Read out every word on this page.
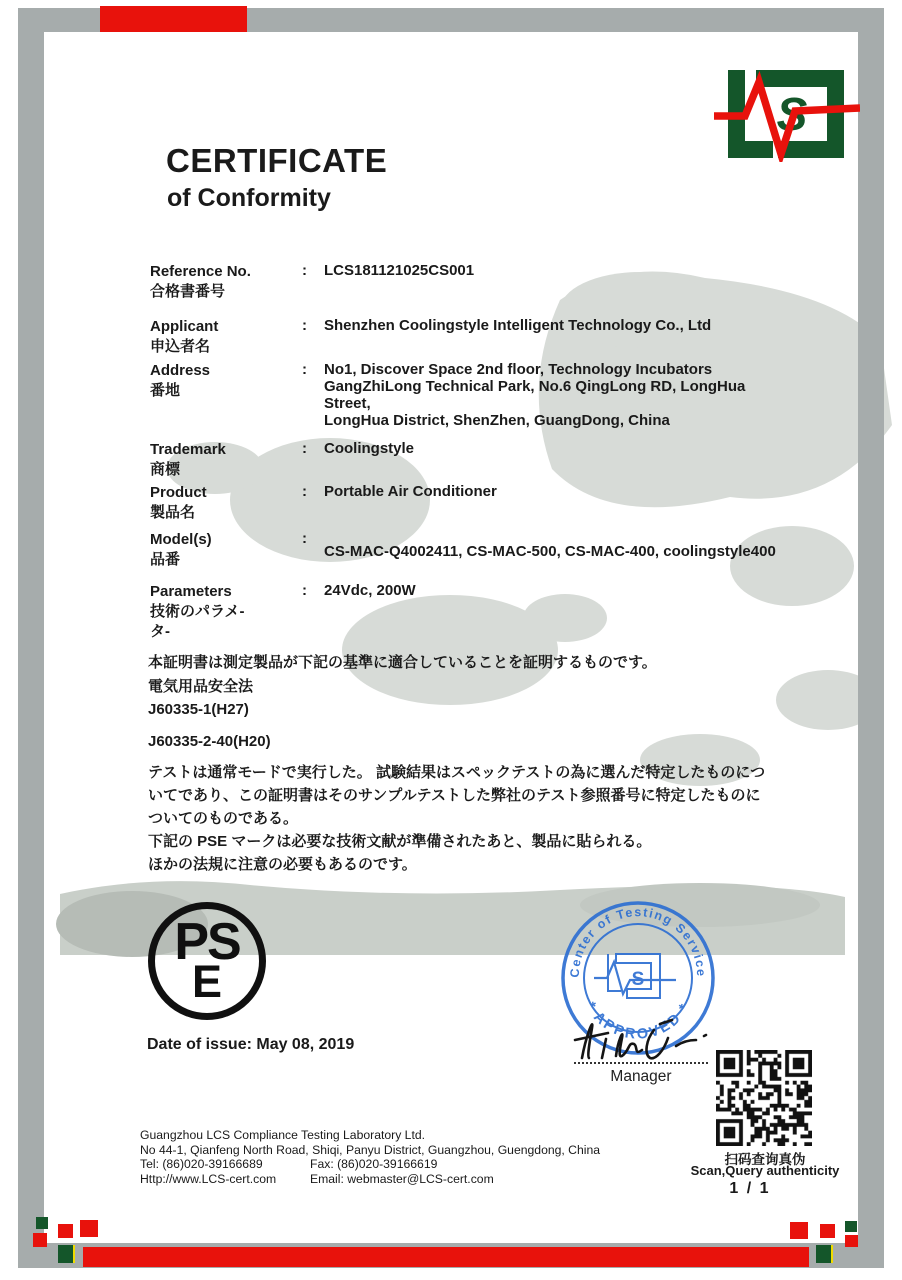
S
CERTIFICATE
of Conformity
Reference No.
合格書番号
:	LCS181121025CS001
Applicant
申込者名
:	Shenzhen Coolingstyle Intelligent Technology Co., Ltd
Address
番地
:	No1, Discover Space 2nd floor, Technology Incubators
GangZhiLong Technical Park, No.6 QingLong RD, LongHua Street,
LongHua District, ShenZhen, GuangDong, China
Trademark
商標
:	Coolingstyle
Product
製品名
:	Portable Air Conditioner
Model(s)
品番
:
CS-MAC-Q4002411, CS-MAC-500, CS-MAC-400, coolingstyle400
Parameters
技術のパラメ-
タ-
:	24Vdc, 200W
本証明書は測定製品が下記の基準に適合していることを証明するものです。
電気用品安全法
J60335-1(H27)
J60335-2-40(H20)
テストは通常モードで実行した。 試験結果はスペックテストの為に選んだ特定したものにつ
いてであり、この証明書はそのサンプルテストした弊社のテスト参照番号に特定したものに
ついてのものである。
下記の PSE マークは必要な技術文献が準備されたあと、製品に貼られる。
ほかの法規に注意の必要もあるのです。
PS
E	Center of Testing Service
* APPROVED *
S
Manager
Date of issue: May 08, 2019
Guangzhou LCS Compliance Testing Laboratory Ltd.
No 44-1, Qianfeng North Road, Shiqi, Panyu District, Guangzhou, Guengdong, China
Tel: (86)020-39166689	Fax: (86)020-39166619
Http://www.LCS-cert.com	Email: webmaster@LCS-cert.com
扫码查询真伪
Scan,Query authenticity
1 / 1
